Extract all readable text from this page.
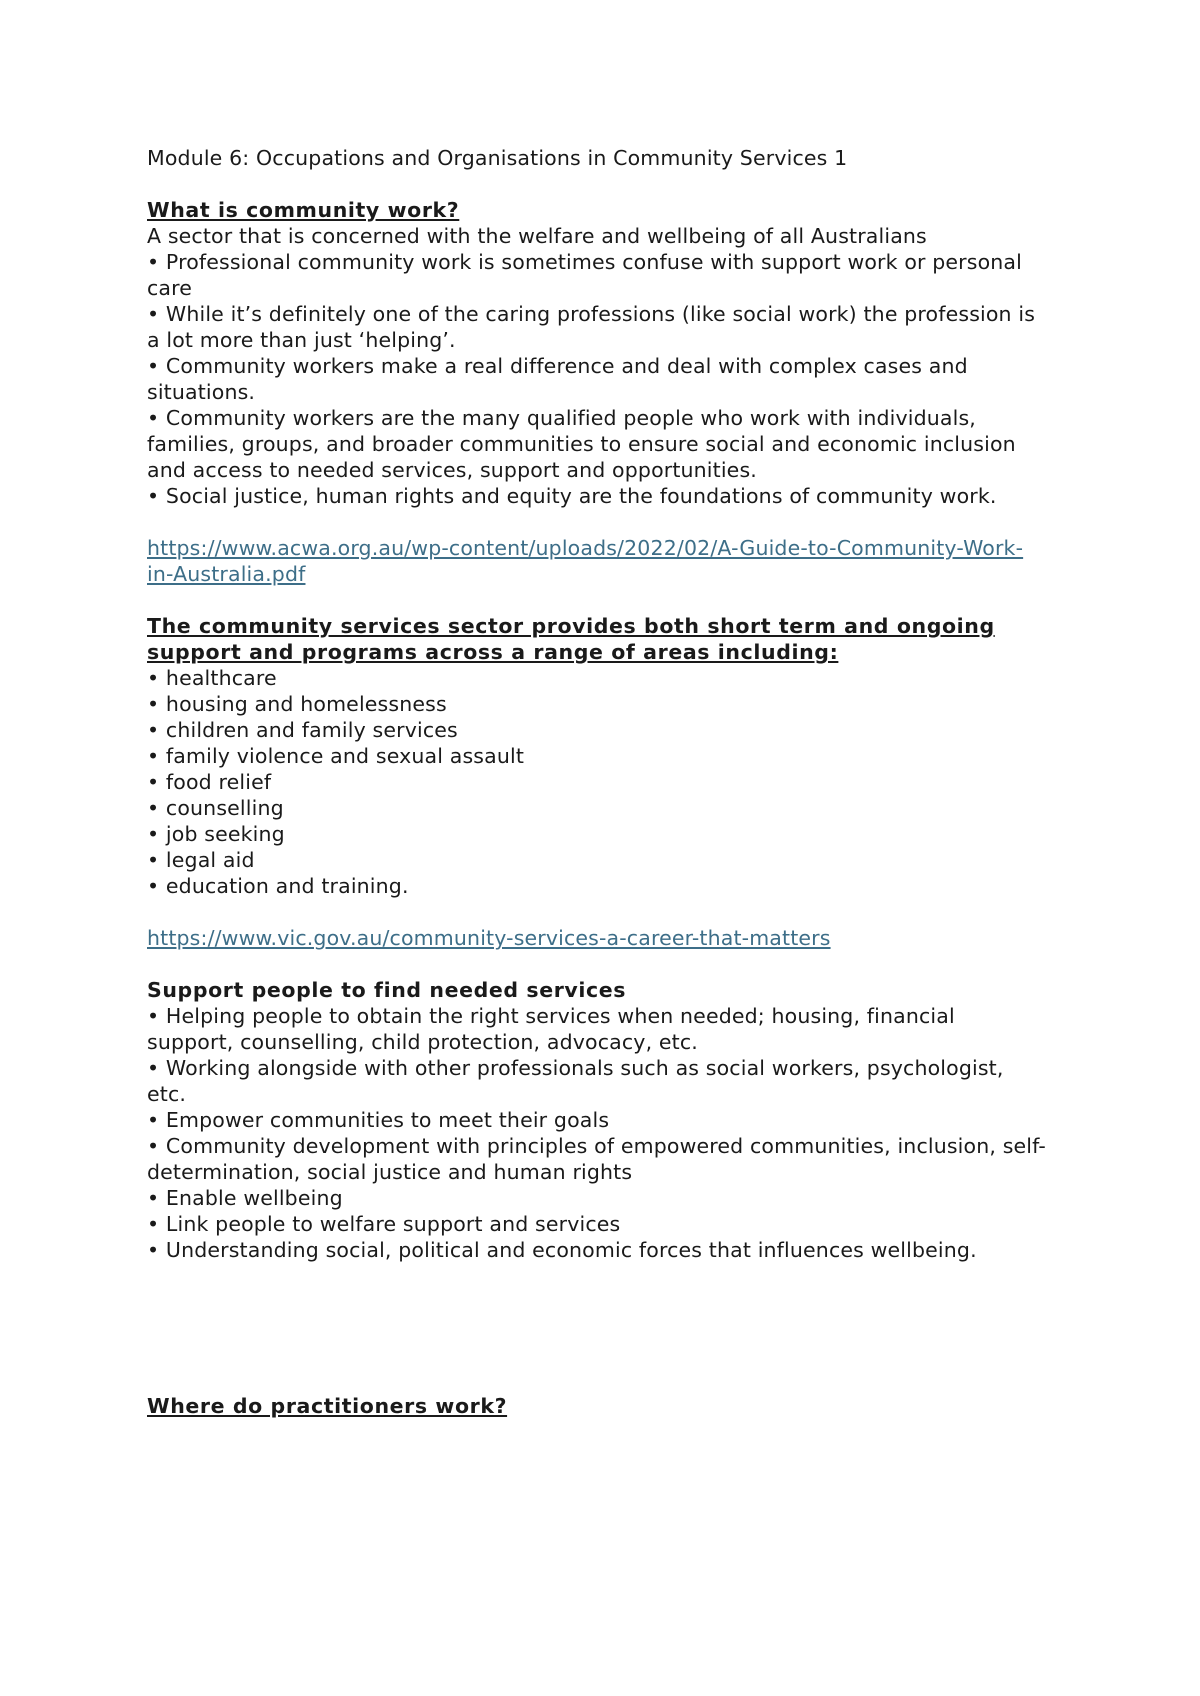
Module 6: Occupations and Organisations in Community Services 1

What is community work?

A sector that is concerned with the welfare and wellbeing of all Australians

• Professional community work is sometimes confuse with support work or personal care
• While it’s definitely one of the caring professions (like social work) the profession is a lot more than just ‘helping’.
• Community workers make a real difference and deal with complex cases and situations.
• Community workers are the many qualified people who work with individuals, families, groups, and broader communities to ensure social and economic inclusion and access to needed services, support and opportunities.
• Social justice, human rights and equity are the foundations of community work.
https://www.acwa.org.au/wp-content/uploads/2022/02/A-Guide-to-Community-Work-in-Australia.pdf

The community services sector provides both short term and ongoing support and programs across a range of areas including:

• healthcare
• housing and homelessness
• children and family services
• family violence and sexual assault
• food relief
• counselling
• job seeking
• legal aid
• education and training.
https://www.vic.gov.au/community-services-a-career-that-matters

Support people to find needed services

• Helping people to obtain the right services when needed; housing, financial support, counselling, child protection, advocacy, etc.
• Working alongside with other professionals such as social workers, psychologist, etc.
• Empower communities to meet their goals
• Community development with principles of empowered communities, inclusion, self-determination, social justice and human rights
• Enable wellbeing
• Link people to welfare support and services
• Understanding social, political and economic forces that influences wellbeing.

Where do practitioners work?
